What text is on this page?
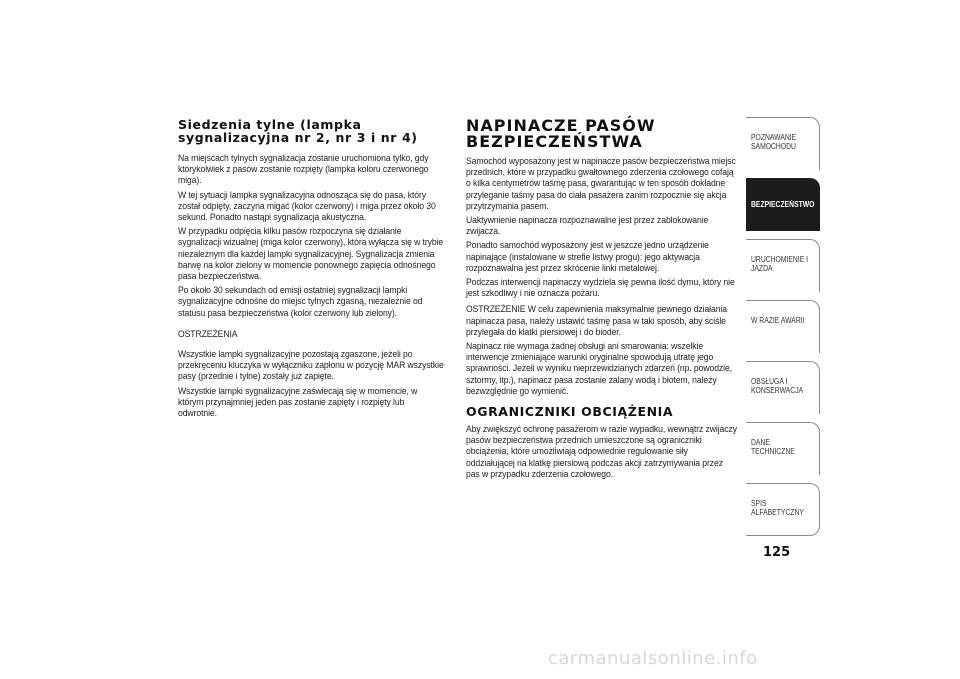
Siedzenia tylne (lampka sygnalizacyjna nr 2, nr 3 i nr 4)

Na miejscach tylnych sygnalizacja zostanie uruchomiona tylko, gdy którykolwiek z pasów zostanie rozpięty (lampka koloru czerwonego miga).

W tej sytuacji lampka sygnalizacyjna odnosząca się do pasa, który został odpięty, zaczyna migać (kolor czerwony) i miga przez około 30 sekund. Ponadto nastąpi sygnalizacja akustyczna.

W przypadku odpięcia kilku pasów rozpoczyna się działanie sygnalizacji wizualnej (miga kolor czerwony), która wyłącza się w trybie niezależnym dla każdej lampki sygnalizacyjnej. Sygnalizacja zmienia barwę na kolor zielony w momencie ponownego zapięcia odnośnego pasa bezpieczeństwa.

Po około 30 sekundach od emisji ostatniej sygnalizacji lampki sygnalizacyjne odnośne do miejsc tylnych zgasną, niezależnie od statusu pasa bezpieczeństwa (kolor czerwony lub zielony).

OSTRZEŻENIA

Wszystkie lampki sygnalizacyjne pozostają zgaszone, jeżeli po przekręceniu kluczyka w wyłączniku zapłonu w pozycję MAR wszystkie pasy (przednie i tylne) zostały już zapięte.

Wszystkie lampki sygnalizacyjne zaświecają się w momencie, w którym przynajmniej jeden pas zostanie zapięty i rozpięty lub odwrotnie.

NAPINACZE PASÓW BEZPIECZEŃSTWA

Samochód wyposażony jest w napinacze pasów bezpieczeństwa miejsc przednich, które w przypadku gwałtownego zderzenia czołowego cofają o kilka centymetrów taśmę pasa, gwarantując w ten sposób dokładne przyleganie taśmy pasa do ciała pasażera zanim rozpocznie się akcja przytrzymania pasem.

Uaktywnienie napinacza rozpoznawalne jest przez zablokowanie zwijacza.

Ponadto samochód wyposażony jest w jeszcze jedno urządzenie napinające (instalowane w strefie listwy progu): jego aktywacja rozpoznawalna jest przez skrócenie linki metalowej.

Podczas interwencji napinaczy wydziela się pewna ilość dymu, który nie jest szkodliwy i nie oznacza pożaru.

OSTRZEŻENIE W celu zapewnienia maksymalnie pewnego działania napinacza pasa, należy ustawić taśmę pasa w taki sposób, aby ściśle przylegała do klatki piersiowej i do bioder.

Napinacz nie wymaga żadnej obsługi ani smarowania: wszelkie interwencje zmieniające warunki oryginalne spowodują utratę jego sprawności. Jeżeli w wyniku nieprzewidzianych zdarzeń (np. powodzie, sztormy, itp.), napinacz pasa zostanie zalany wodą i błotem, należy bezwzględnie go wymienić.

OGRANICZNIKI OBCIĄŻENIA

Aby zwiększyć ochronę pasażerom w razie wypadku, wewnątrz zwijaczy pasów bezpieczeństwa przednich umieszczone są ograniczniki obciążenia, które umożliwiają odpowiednie regulowanie siły oddziałującej na klatkę piersiową podczas akcji zatrzymywania przez pas w przypadku zderzenia czołowego.

POZNAWANIE SAMOCHODU
BEZPIECZEŃSTWO
URUCHOMIENIE I JAZDA
W RAZIE AWARII
OBSŁUGA I KONSERWACJA
DANE TECHNICZNE
SPIS ALFABETYCZNY
125
carmanualsonline.info
